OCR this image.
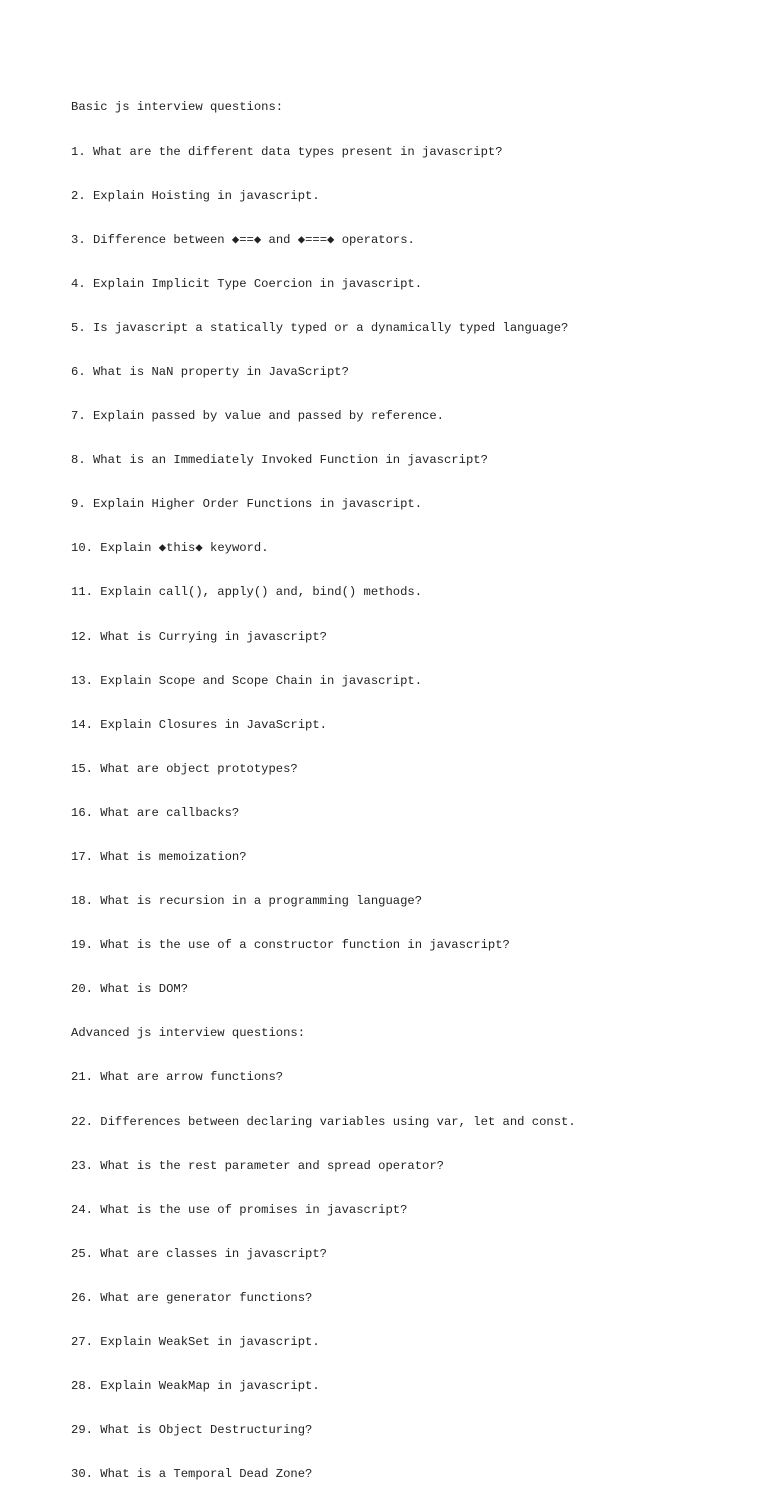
Basic js interview questions:

1. What are the different data types present in javascript?

2. Explain Hoisting in javascript.

3. Difference between ◆==◆ and ◆===◆ operators.

4. Explain Implicit Type Coercion in javascript.

5. Is javascript a statically typed or a dynamically typed language?

6. What is NaN property in JavaScript?

7. Explain passed by value and passed by reference.

8. What is an Immediately Invoked Function in javascript?

9. Explain Higher Order Functions in javascript.

10. Explain ◆this◆ keyword.

11. Explain call(), apply() and, bind() methods.

12. What is Currying in javascript?

13. Explain Scope and Scope Chain in javascript.

14. Explain Closures in JavaScript.

15. What are object prototypes?

16. What are callbacks?

17. What is memoization?

18. What is recursion in a programming language?

19. What is the use of a constructor function in javascript?

20. What is DOM?

Advanced js interview questions:

21. What are arrow functions?

22. Differences between declaring variables using var, let and const.

23. What is the rest parameter and spread operator?

24. What is the use of promises in javascript?

25. What are classes in javascript?

26. What are generator functions?

27. Explain WeakSet in javascript.

28. Explain WeakMap in javascript.

29. What is Object Destructuring?

30. What is a Temporal Dead Zone?
